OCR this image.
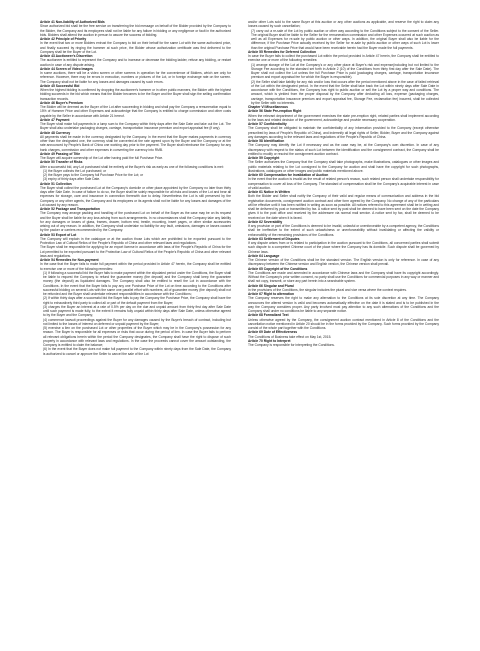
Article 41 Non-liability of Authorized Bids
Since authorized bid shall be the free service on transferring the bid message on behalf of the Bidder provided by the Company to the Bidder, the Company and its employees shall not be liable for any failure in bidding or any negligence or fault in the authorized bids. Bidders shall attend the auction in person to assure the success of bidding.
Article 42 Principle of Priority
In the event that two or more Bidders entrust the Company to bid on their behalf for the same Lot with the same authorized price, and finally succeed by ringing the hammer at such price, the Bidder whose authorization certificate was first delivered to the Company shall be the Buyer of the Lot.
Article 43 Auctioneer's Discretion
The auctioneer is entitled to represent the Company and to increase or decrease the bidding ladder, refuse any bidding, or restart auction in case of any dispute arising.
Article 44 Screen of Video Images
In some auctions, there will be a video screen or other screens in operation for the convenience of Bidders, which are only for reference. However, there may be errors in execution, numbers or pictures of the Lot, or in foreign exchange rate on the screen. The Company shall not be liable for any losses and damages caused by such errors.
Article 45 Successful Bid
When the highest bidding is confirmed by dropping the auctioneer's hammer or in other public manners, the Bidder with the highest bidding succeeds in the bid which means that the Bidder becomes to be the Buyer and the Buyer shall sign the selling confirmation transaction records.
Article 46 Buyer's Premium
The Bidder will be deemed as the Buyer of the Lot after succeeding in bidding and shall pay the Company a remuneration equal to 15% of Hammer Price and other Expenses and acknowledge that the Company is entitled to charge commission and other costs payable by the Seller in accordance with Article 21 hereof.
Article 47 Payment
The Buyer shall make full payments in a lump sum to the Company within thirty days after the Sale Date and take out the Lot. The Buyer shall also undertake packaging charges, carriage, transportation insurance premium and export appraisal fee (if any).
Article 48 Currency
All payments shall be made in the currency designated by the Company. In the event that the Buyer makes payments in currency other than the designated one, the currency shall be converted at the rate agreed upon by the Buyer and the Company or at the rate announced by People's Bank of China one working day prior to the payment. The Buyer shall reimburse the Company for any bank charges, commission and other expenses in converting the currency into RMB.
Article 49 Passing of Title
The Buyer will acquire ownership of the Lot after having paid the full Purchase Price.
Article 50 Transfer of Risks
After a successful bid, any Lot purchased shall be entirely at the Buyer's risk as early as one of the following conditions is met:
(1) the Buyer collects the Lot purchased; or
(2) the Buyer pays to the Company full Purchase Price for the Lot; or
(3) expiry of thirty days after Sale Date.
Article 51 Collection
The Buyer shall collect the purchased Lot at the Company's domicile or other place appointed by the Company no later than thirty days after Sale Date. In case of failure to do so, the Buyer shall be solely responsible for all risks and losses of the Lot and bear all expenses for storage, care and insurance in connection therewith due to delay. Nevertheless the Lot is still preserved by the Company or any other agents, the Company and its employees or its agents shall not be liable for any losses and damages of the Lot caused by any reason.
Article 52 Package and Transportation
The Company may arrange packing and handling of the purchased Lot on behalf of the Buyer as the case may be on its request and the Buyer shall be liable for any loss arising from such arrangements. In no circumstances shall the Company take any liability for any damages or losses of glass, frames, drawer, bottom rest, trestle, mounting, insert pages, or other similar accessories arising out of any reason. In addition, the Company shall undertake no liability for any fault, omissions, damages or losses caused by the packer or carriers recommended by the Company.
Article 53 Export of Lot
The Company will explain in the catalogue or at the auction those Lots which are prohibited to be exported pursuant to the Protection Law of Cultural Relics of the People's Republic of China and other relevant laws and regulations.
The Buyer shall be responsible for applying for an export license in accordance with laws of the People's Republic of China for the Lot permitted to be exported pursuant to the Protection Law of Cultural Relics of the People's Republic of China and other relevant laws and regulations.
Article 54 Remedies for Non-payment
In the case that the Buyer fails to make full payment within the period provided in Article 47 herein, the Company shall be entitled to exercise one or more of the following remedies:
(1) If following a successful bid the Buyer fails to make payment within the stipulated period under the Conditions, the Buyer shall be liable to request the Company to refund the guarantee money (the deposit) and the Company shall keep the guarantee money (the deposit) as liquidated damages. The Company shall also be entitled to resell the Lot in accordance with the Conditions. In the event that the Buyer fails to pay any one Purchase Price of the Lot on time according to the Conditions after successful bidding on several Lots with the same one parallel effort with numbers, all of guarantee money (the deposit) shall not be refunded and the Buyer shall undertake relevant responsibilities in accordance with the Conditions;
(2) If within thirty days after a successful bid the Buyer fails to pay the Company the Purchase Price, the Company shall have the right to exhaustively third party to collect all or part of the default payment from the Buyer;
(3) charges the Buyer an interest at a rate of 0.5% per day on the due and unpaid amount from thirty first day after Sale Date until such payment is made fully, to the extent it remains fully unpaid within thirty days after Sale Date, unless otherwise agreed to by the Buyer and the Company;
(4) commence lawsuit proceedings against the Buyer for any damages caused by the Buyer's breach of contract, including but not limited to the losses of interest on deferred or unpaid payment by the Buyer;
(5) exercise a lien on the purchased Lot or other properties of the Buyer which may be in the Company's possession for any reason. The Buyer is responsible for all expenses or risks that occur during the period of lien. In case the Buyer fails to perform all relevant obligations herein within the period the Company designates, the Company shall have the right to dispose of such property in accordance with relevant laws and regulations. In the case the proceeds cannot cover the amount outstanding, the Company is entitled to claim the balance;
(6) In the event that the Buyer does not make full payment to the Company within ninety days from the Sale Date, the Company is authorized to cancel or approve the Seller to cancel the sale of the Lot
and/or other Lots sold to the same Buyer at this auction or any other auctions as applicable, and reserve the right to claim any losses caused by such cancellation;
(7) carry out a re-sale of the Lot by public auction or other way according to the Conditions subject to the consent of the Seller. The original Buyer shall be liable to the Seller for the remuneration commission and other Expenses occurred at such auction as well as all Expenses for re-sale by public auction or other ways. In addition, the original Buyer shall also be liable for the difference, if the Purchase Price actually received by the Seller for re-sale by public auction or other ways of such Lot is lower than the original Purchase Price that would have been receivable herein had the Buyer made the full payments.
Article 55 Remedies for Deferred Collection
In case the Buyer fails to collect the purchased Lot within the period provided in Article 47 herein, the Company shall be entitled to exercise one or more of the following remedies:
(1) arrange storage of the Lot at the Company's or any other place at Buyer's risk and expense(including but not limited to the Storage Fee according to the standard set forth in Article 2 (10) of the Conditions from thirty first day after the Sale Date). The Buyer shall not collect the Lot unless the full Purchase Price is paid (packaging charges, carriage, transportation insurance premium and export appraisal fee for which the Buyer is responsible).
(2) the Seller shall take liability for any risk and/or loss that occurs after the period mentioned above in the case of failed retrieval of the Lot within the designated period. In the event that the Seller shall take back the Lot within ninety days after Sale Date in accordance with the Conditions, the Company has right to public auction or sell the Lot by a proper way and conditions. The amount, which is yielded from the proper disposal by the Company after deducting all loss, expense (packaging charges, carriage, transportation insurance premium and export appraisal fee, Storage Fee, reclamation fee) incurred, shall be collected by the Seller with no interests.
Chapter VI Miscellaneous
Article 56 State Pre-emption Right
When the relevant department of the government exercises the state pre-emption right, related parties shall implement according to the laws and related decision of the government, acknowledge and provide necessary cooperation.
Article 57 Confidentiality
The Company shall be obligated to maintain the confidentiality of any information provided to the Company (except otherwise prescribed by laws of People's Republic of China), and indemnify all legal rights of Seller, Bidder, Buyer and the Company against any damages according to the relevant laws and regulations of the People's Republic of China.
Article 58 Identification
The Company may identify the Lot if necessary and as the case may be, at the Company's own discretion. In case of any discrepancy with respect to the status of such Lot between the identification and the consignment contract, the Company shall be entitled to modify or rescind the consignment auction contract.
Article 59 Copyright
The Seller authorizes the Company that the Company shall take photographs, make illustrations, catalogues or other images and public materials relating to the Lot consigned to the Company for auction and shall have the copyright for such photographs, illustrations, catalogues or other images and public materials mentioned above.
Article 60 Compensation for Invalidation of Auction
In the event that the auction is invalid as the result of related person's reason, such related person shall undertake responsibility for compensation to cover all loss of the Company. The standard of compensation shall be the Company's acquirable interest in case of valid auction.
Article 61 Notice in Written
Both the Bidder and Seller shall notify the Company of their valid and regular means of communication and address in the bid registration documents, consignment auction contract and other form agreed by the Company. No change of any of the particulars will be effective until it has been notified in writing as soon as possible. All notices referred to this agreement shall be in writing and shall be delivered by post or transmitted by fax. A notice sent by post shall be deemed to have been sent on the date the Company gives it to the post office and received by the addressee via normal mail service. A notice sent by fax, shall be deemed to be received on the date when it is faxed.
Article 62 Severability
If any provision or part of the Conditions is deemed to be invalid, unlawful or unenforceable by a competent agency, the Conditions shall be ineffective to the extent of such unlawfulness or unenforceability without invalidating or affecting the validity or enforceability of the remaining provisions of the Conditions.
Article 63 Settlement of Disputes
If any dispute arises from or is related to participation in the auction pursuant to the Conditions, all concerned parties shall submit such dispute to a competent Chinese court of the place where the Company has its domicile. Such dispute shall be governed by Chinese laws.
Article 64 Language
The Chinese version of the Conditions shall be the standard version. The English version is only for reference. In case of any discrepancy between the Chinese version and English version, the Chinese version shall prevail.
Article 65 Copyright of the Conditions
The Conditions are made and amended in accordance with Chinese laws and the Company shall have its copyright accordingly. Without the Company's prior written consent, no party shall use the Conditions for commercial purposes in any way or manner and shall not copy, transmit, or store any part herein into a searchable system.
Article 66 Singular and Plural
In the provisions of the Conditions, the singular includes the plural and vice versa where the context requires.
Article 67 Right to alternation
The Company reserves the right to make any alternation to the Conditions at its sole discretion at any time. The Company announces the altered version is valid and becomes automatically effective on the date it is stated and is to be published in the way the Company considers proper. Any party involved must pay attention to any such alternations of the Conditions and the Company shall under no conditions be liable to any separate notice.
Article 68 Formalized Text
Unless otherwise agreed by the Company, the consignment auction contract mentioned in Article 8 of the Conditions and the cancellation notice mentioned in Article 20 should be in the forms provided by the Company. Such forms provided by the Company consist of the whole part together with the Conditions.
Article 69 Date of Effectiveness
The Conditions of Business take effect on May 1st, 2015.
Article 70 Right to Interpret
The Company is responsible for interpreting the Conditions.
